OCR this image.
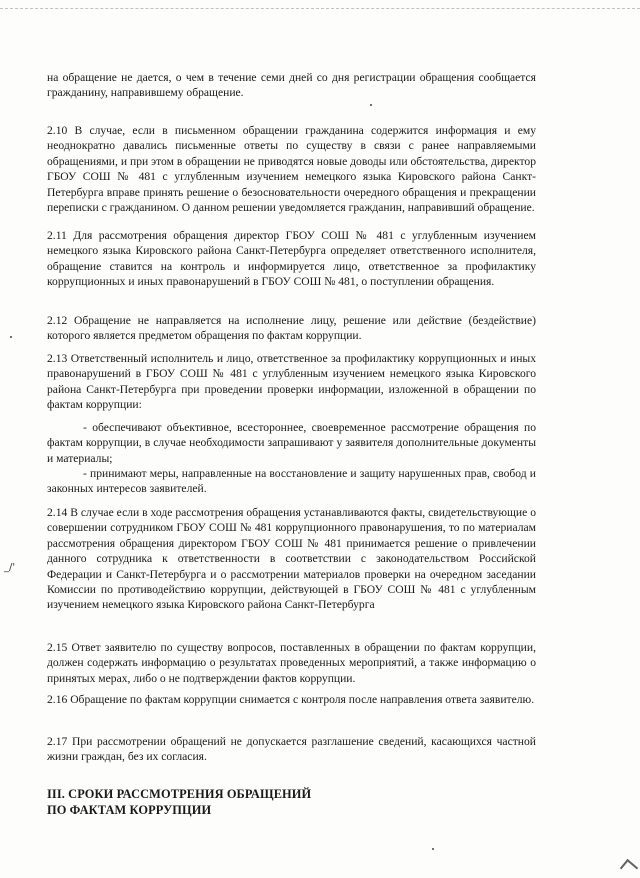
на обращение не дается, о чем в течение семи дней со дня регистрации обращения сообщается гражданину, направившему обращение.

2.10 В случае, если в письменном обращении гражданина содержится информация и ему неоднократно давались письменные ответы по существу в связи с ранее направляемыми обращениями, и при этом в обращении не приводятся новые доводы или обстоятельства, директор ГБОУ СОШ № 481 с углубленным изучением немецкого языка Кировского района Санкт-Петербурга вправе принять решение о безосновательности очередного обращения и прекращении переписки с гражданином. О данном решении уведомляется гражданин, направивший обращение.

2.11 Для рассмотрения обращения директор ГБОУ СОШ № 481 с углубленным изучением немецкого языка Кировского района Санкт-Петербурга определяет ответственного исполнителя, обращение ставится на контроль и информируется лицо, ответственное за профилактику коррупционных и иных правонарушений в ГБОУ СОШ № 481, о поступлении обращения.

2.12 Обращение не направляется на исполнение лицу, решение или действие (бездействие) которого является предметом обращения по фактам коррупции.

2.13 Ответственный исполнитель и лицо, ответственное за профилактику коррупционных и иных правонарушений в ГБОУ СОШ № 481 с углубленным изучением немецкого языка Кировского района Санкт-Петербурга при проведении проверки информации, изложенной в обращении по фактам коррупции:

- обеспечивают объективное, всестороннее, своевременное рассмотрение обращения по фактам коррупции, в случае необходимости запрашивают у заявителя дополнительные документы и материалы;

- принимают меры, направленные на восстановление и защиту нарушенных прав, свобод и законных интересов заявителей.

2.14 В случае если в ходе рассмотрения обращения устанавливаются факты, свидетельствующие о совершении сотрудником ГБОУ СОШ № 481 коррупционного правонарушения, то по материалам рассмотрения обращения директором ГБОУ СОШ № 481 принимается решение о привлечении данного сотрудника к ответственности в соответствии с законодательством Российской Федерации и Санкт-Петербурга и о рассмотрении материалов проверки на очередном заседании Комиссии по противодействию коррупции, действующей в ГБОУ СОШ № 481 с углубленным изучением немецкого языка Кировского района Санкт-Петербурга

2.15 Ответ заявителю по существу вопросов, поставленных в обращении по фактам коррупции, должен содержать информацию о результатах проведенных мероприятий, а также информацию о принятых мерах, либо о не подтверждении фактов коррупции.

2.16 Обращение по фактам коррупции снимается с контроля после направления ответа заявителю.

2.17 При рассмотрении обращений не допускается разглашение сведений, касающихся частной жизни граждан, без их согласия.

III. СРОКИ РАССМОТРЕНИЯ ОБРАЩЕНИЙ
ПО ФАКТАМ КОРРУПЦИИ
_/'
